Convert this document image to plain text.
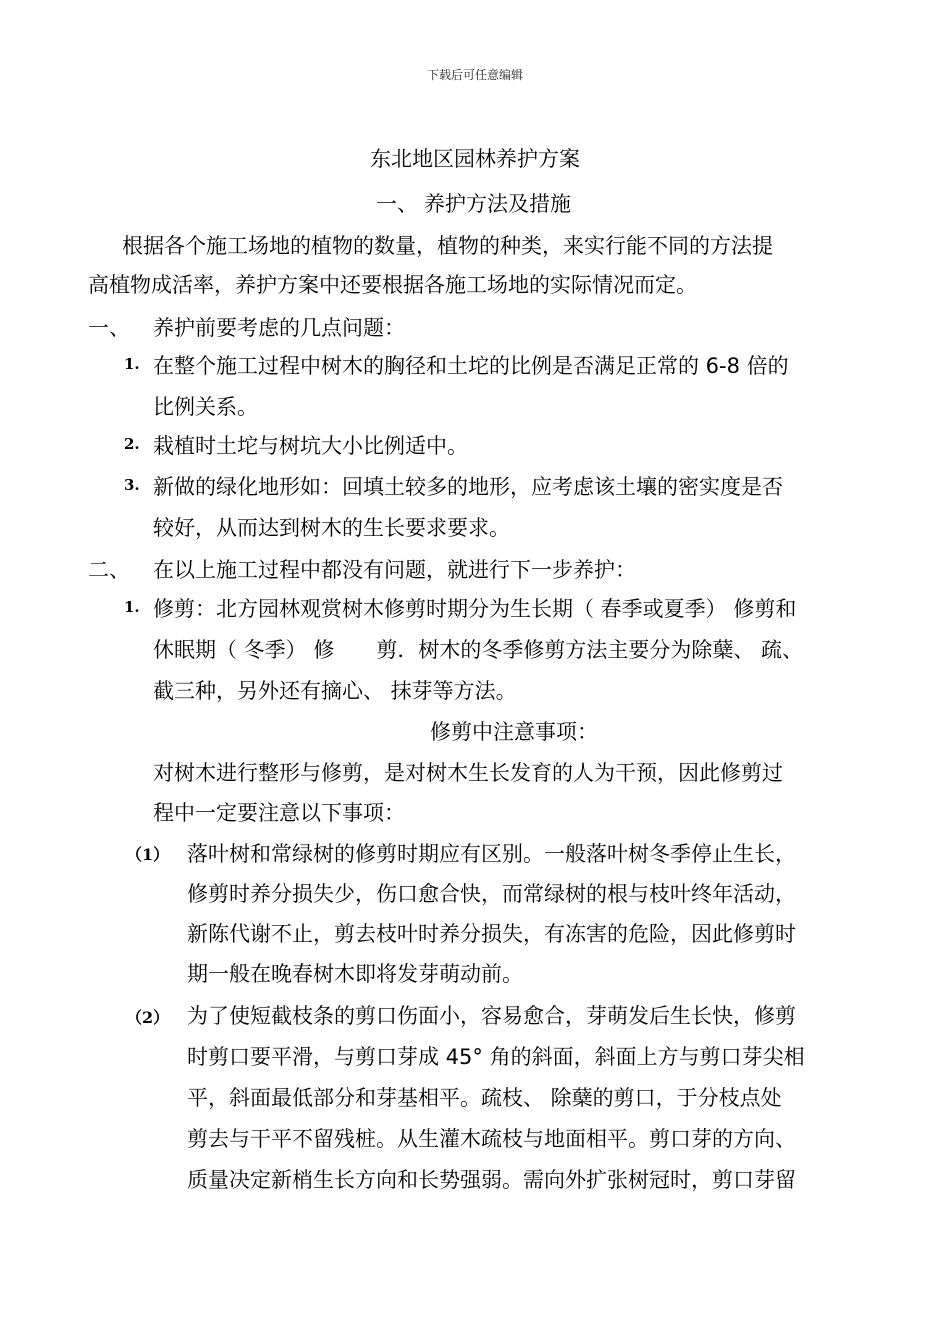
下载后可任意编辑
东北地区园林养护方案
一、 养护方法及措施
根据各个施工场地的植物的数量，植物的种类，来实行能不同的方法提
高植物成活率，养护方案中还要根据各施工场地的实际情况而定。
一、 养护前要考虑的几点问题：
1. 在整个施工过程中树木的胸径和土坨的比例是否满足正常的 6-8 倍的
比例关系。
2. 栽植时土坨与树坑大小比例适中。
3. 新做的绿化地形如：回填土较多的地形，应考虑该土壤的密实度是否
较好，从而达到树木的生长要求要求。
二、 在以上施工过程中都没有问题，就进行下一步养护：
1. 修剪：北方园林观赏树木修剪时期分为生长期（ 春季或夏季） 修剪和
休眠期（ 冬季） 修　　剪．树木的冬季修剪方法主要分为除蘖、 疏、
截三种，另外还有摘心、 抹芽等方法。
修剪中注意事项：
对树木进行整形与修剪，是对树木生长发育的人为干预，因此修剪过
程中一定要注意以下事项：
（1） 落叶树和常绿树的修剪时期应有区别。一般落叶树冬季停止生长，
修剪时养分损失少，伤口愈合快，而常绿树的根与枝叶终年活动，
新陈代谢不止，剪去枝叶时养分损失，有冻害的危险，因此修剪时
期一般在晚春树木即将发芽萌动前。
（2） 为了使短截枝条的剪口伤面小，容易愈合，芽萌发后生长快，修剪
时剪口要平滑，与剪口芽成 45° 角的斜面，斜面上方与剪口芽尖相
平，斜面最低部分和芽基相平。疏枝、 除蘖的剪口，于分枝点处
剪去与干平不留残桩。从生灌木疏枝与地面相平。剪口芽的方向、
质量决定新梢生长方向和长势强弱。需向外扩张树冠时，剪口芽留
